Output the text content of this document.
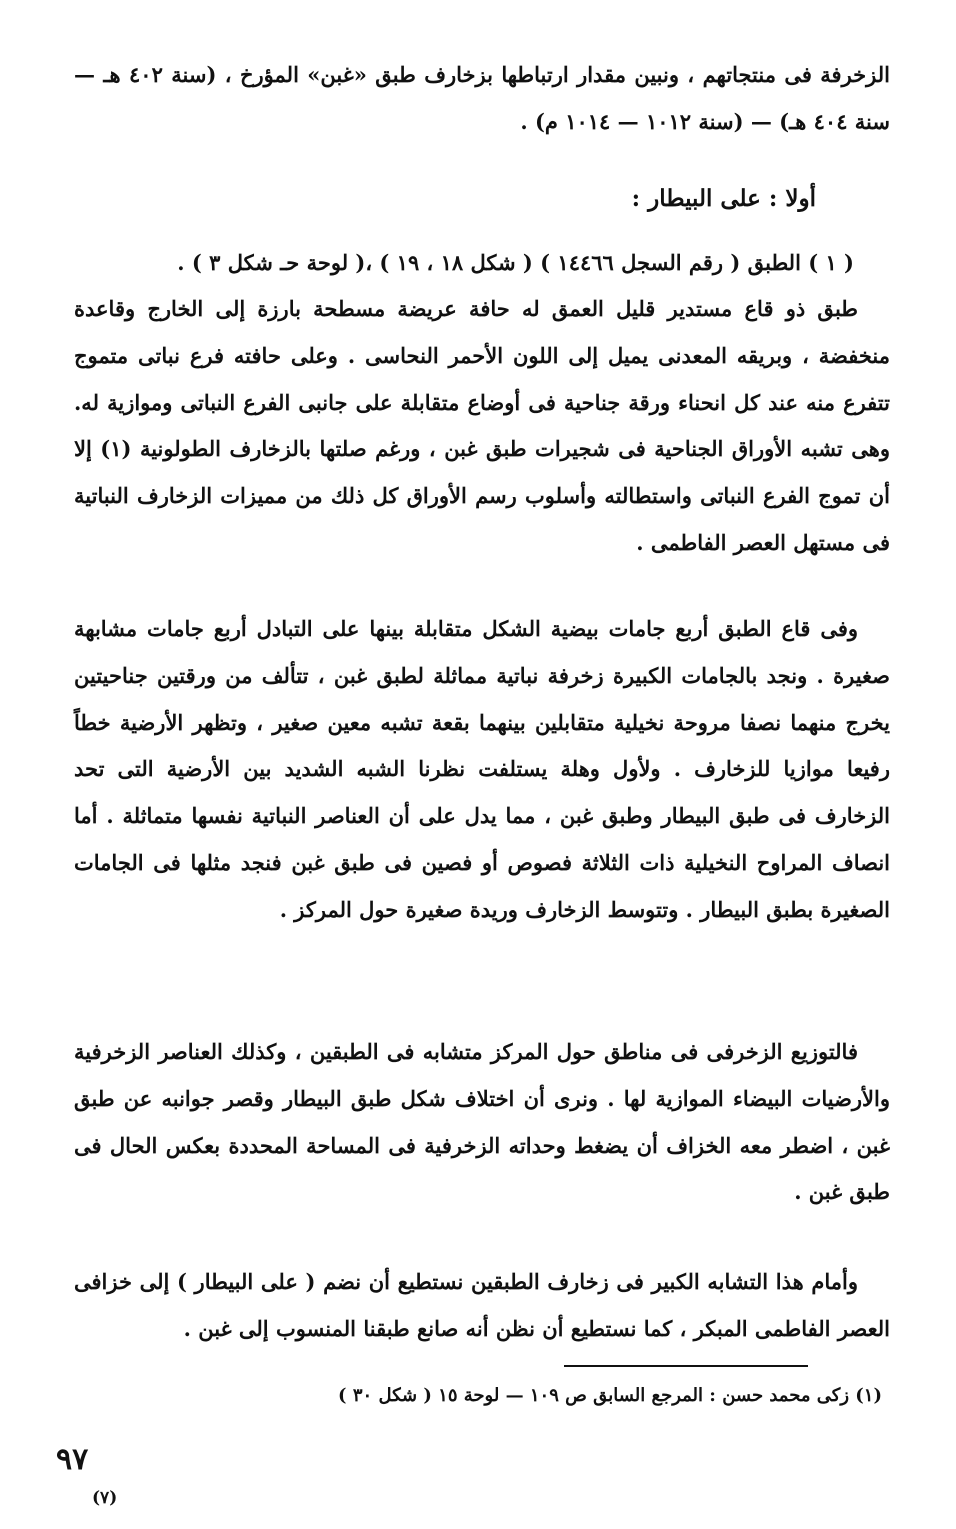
الزخرفة فى منتجاتهم ، ونبين مقدار ارتباطها بزخارف طبق «غبن» المؤرخ ، (سنة ٤٠٢ هـ — سنة ٤٠٤ هـ) — (سنة ١٠١٢ — ١٠١٤ م) .
أولا : على البيطار :
( ١ ) الطبق ( رقم السجل ١٤٤٦٦ ) ( شكل ١٨ ، ١٩ ) ،( لوحة حـ شكل ٣ ) .
طبق ذو قاع مستدير قليل العمق له حافة عريضة مسطحة بارزة إلى الخارج وقاعدة منخفضة ، وبريقه المعدنى يميل إلى اللون الأحمر النحاسى . وعلى حافته فرع نباتى متموج تتفرع منه عند كل انحناء ورقة جناحية فى أوضاع متقابلة على جانبى الفرع النباتى وموازية له. وهى تشبه الأوراق الجناحية فى شجيرات طبق غبن ، ورغم صلتها بالزخارف الطولونية (١) إلا أن تموج الفرع النباتى واستطالته وأسلوب رسم الأوراق كل ذلك من مميزات الزخارف النباتية فى مستهل العصر الفاطمى .
وفى قاع الطبق أربع جامات بيضية الشكل متقابلة بينها على التبادل أربع جامات مشابهة صغيرة . ونجد بالجامات الكبيرة زخرفة نباتية مماثلة لطبق غبن ، تتألف من ورقتين جناحيتين يخرج منهما نصفا مروحة نخيلية متقابلين بينهما بقعة تشبه معين صغير ، وتظهر الأرضية خطاً رفيعا موازيا للزخارف . ولأول وهلة يستلفت نظرنا الشبه الشديد بين الأرضية التى تحد الزخارف فى طبق البيطار وطبق غبن ، مما يدل على أن العناصر النباتية نفسها متماثلة . أما انصاف المراوح النخيلية ذات الثلاثة فصوص أو فصين فى طبق غبن فنجد مثلها فى الجامات الصغيرة بطبق البيطار . وتتوسط الزخارف وريدة صغيرة حول المركز .
فالتوزيع الزخرفى فى مناطق حول المركز متشابه فى الطبقين ، وكذلك العناصر الزخرفية والأرضيات البيضاء الموازية لها . ونرى أن اختلاف شكل طبق البيطار وقصر جوانبه عن طبق غبن ، اضطر معه الخزاف أن يضغط وحداته الزخرفية فى المساحة المحددة بعكس الحال فى طبق غبن .
وأمام هذا التشابه الكبير فى زخارف الطبقين نستطيع أن نضم ( على البيطار ) إلى خزافى العصر الفاطمى المبكر ، كما نستطيع أن نظن أنه صانع طبقنا المنسوب إلى غبن .
(١) زكى محمد حسن : المرجع السابق ص ١٠٩ — لوحة ١٥ ( شكل ٣٠ )
٩٧
(٧)
